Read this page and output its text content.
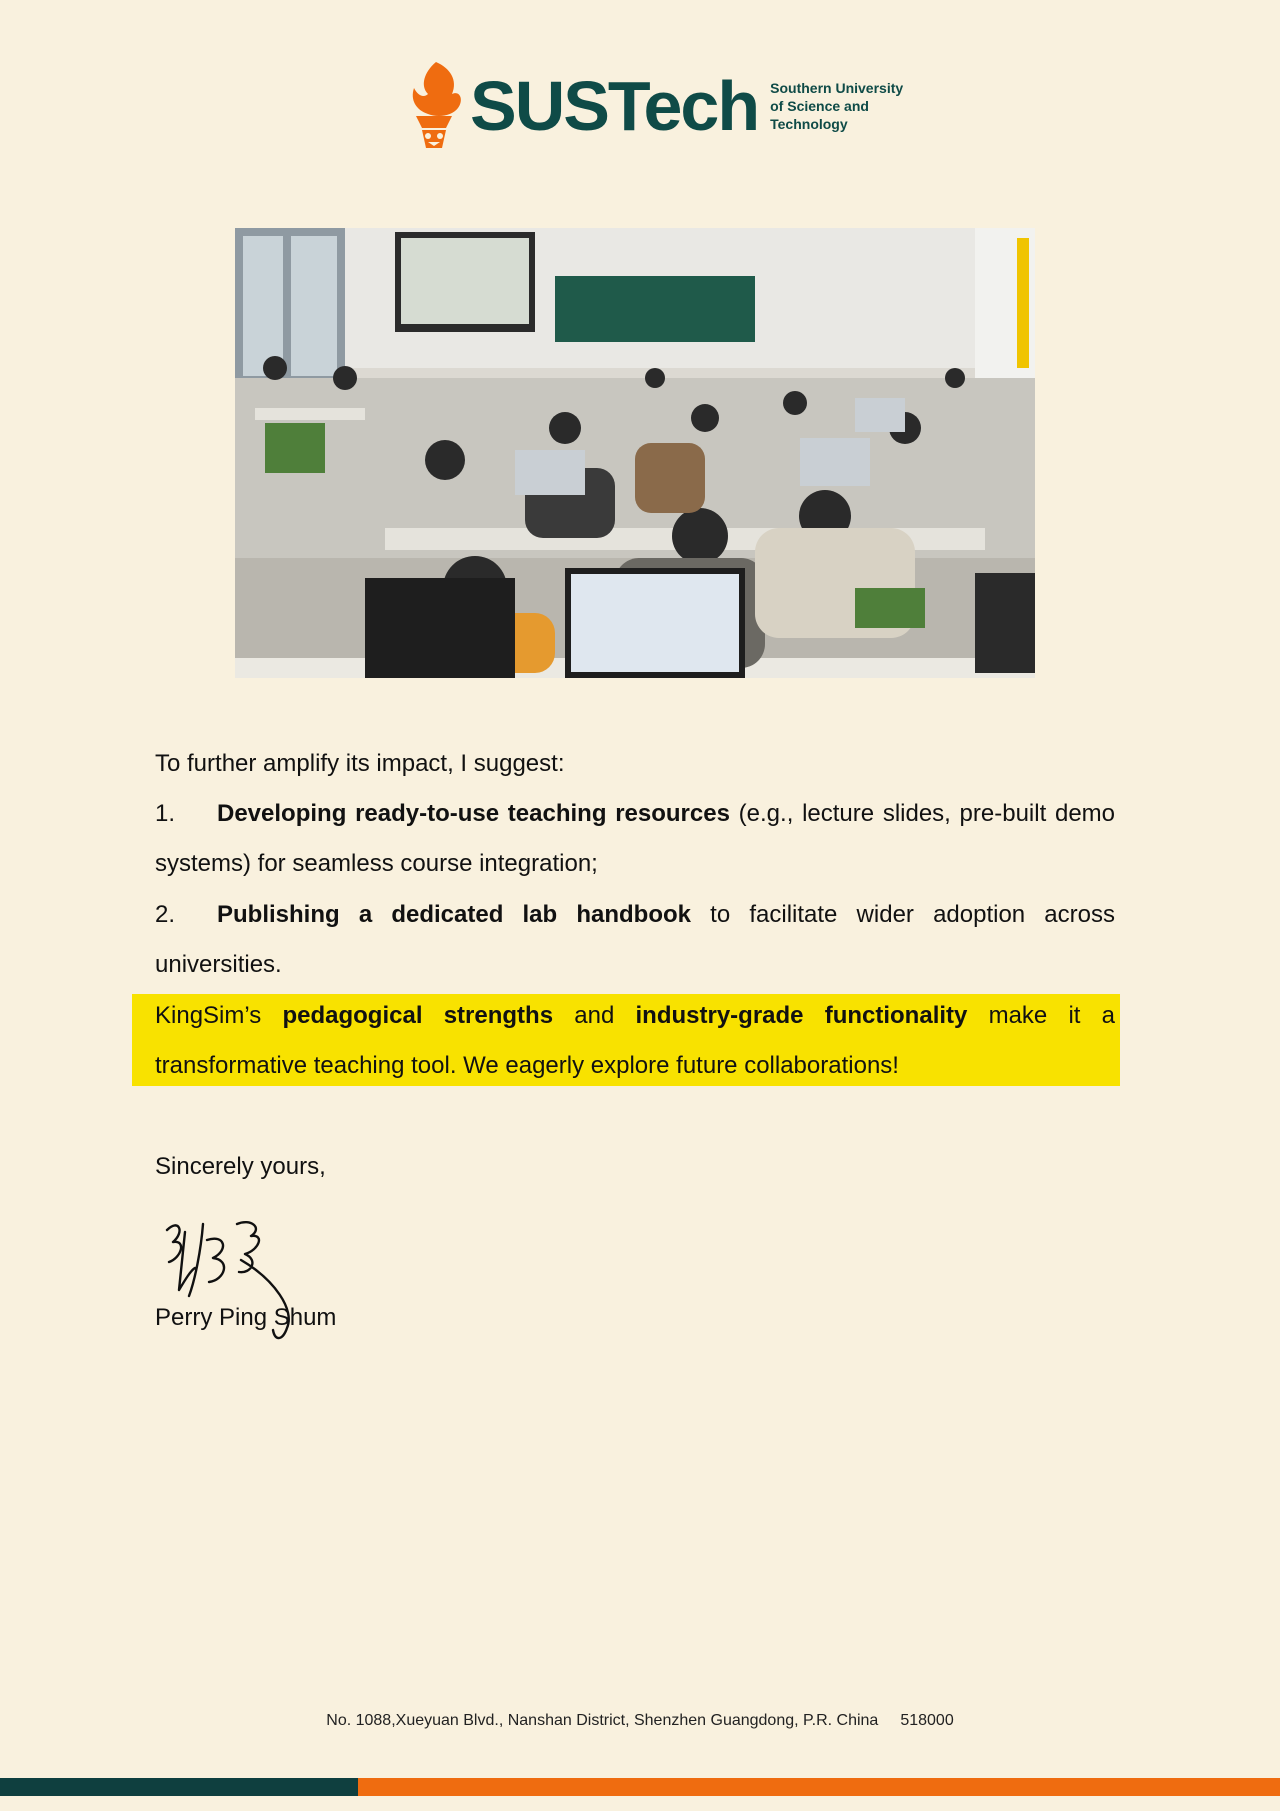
SUSTech Southern University
of Science and
Technology
To further amplify its impact, I suggest:
1. Developing ready-to-use teaching resources (e.g., lecture slides, pre-built demo systems) for seamless course integration;
2. Publishing a dedicated lab handbook to facilitate wider adoption across universities.
KingSim’s pedagogical strengths and industry-grade functionality make it a transformative teaching tool. We eagerly explore future collaborations!
Sincerely yours,
Perry Ping Shum
No. 1088,Xueyuan Blvd., Nanshan District, Shenzhen Guangdong, P.R. China 518000
